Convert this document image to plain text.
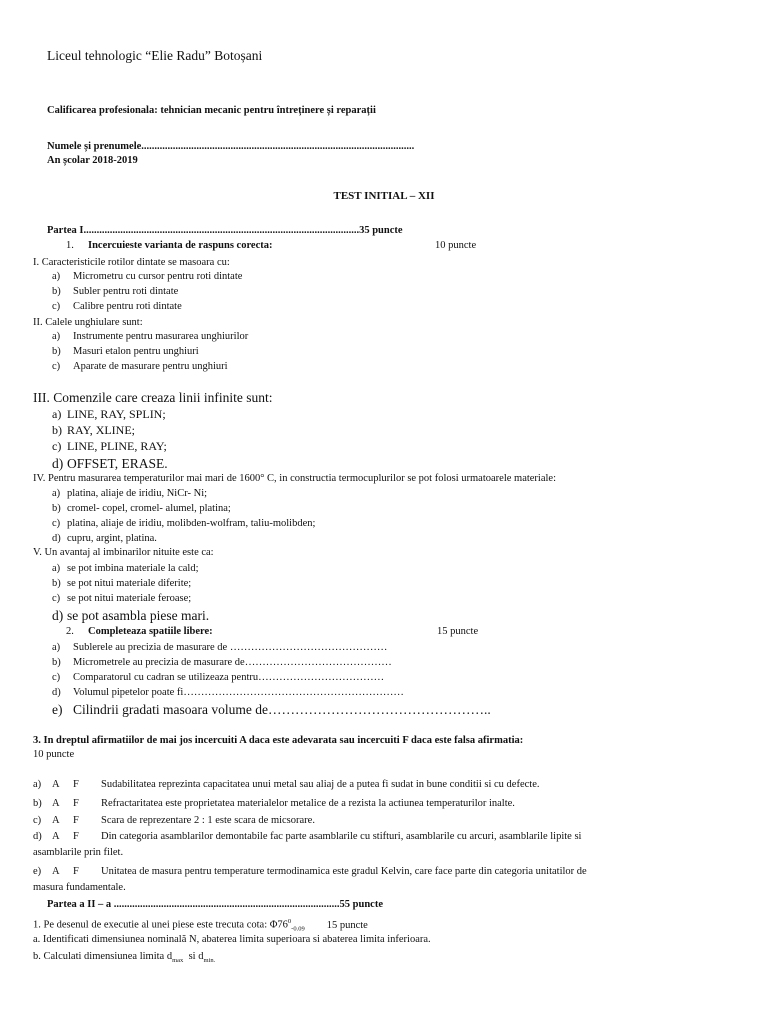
Liceul tehnologic “Elie Radu” Botoșani
Calificarea profesionala: tehnician mecanic pentru întreținere și reparații
Numele și prenumele........................................................................................................
An școlar 2018-2019
TEST INITIAL – XII
Partea I.........................................................................................................35 puncte
1. Incercuieste varianta de raspuns corecta:	10 puncte
I. Caracteristicile rotilor dintate se masoara cu:
a) Micrometru cu cursor pentru roti dintate
b) Subler pentru roti dintate
c) Calibre pentru roti dintate
II. Calele unghiulare sunt:
a) Instrumente pentru masurarea unghiurilor
b) Masuri etalon pentru unghiuri
c) Aparate de masurare pentru unghiuri
III. Comenzile care creaza linii infinite sunt:
a) LINE, RAY, SPLIN;
b) RAY, XLINE;
c) LINE, PLINE, RAY;
d) OFFSET, ERASE.
IV. Pentru masurarea temperaturilor mai mari de 1600° C, in constructia termocuplurilor se pot folosi urmatoarele materiale:
a) platina, aliaje de iridiu, NiCr- Ni;
b) cromel- copel, cromel- alumel, platina;
c) platina, aliaje de iridiu, molibden-wolfram, taliu-molibden;
d) cupru, argint, platina.
V. Un avantaj al imbinarilor nituite este ca:
a) se pot imbina materiale la cald;
b) se pot nitui materiale diferite;
c) se pot nitui materiale feroase;
d) se pot asambla piese mari.
2. Completeaza spatiile libere:	15 puncte
a) Sublerele au precizia de masurare de ………………………………………
b) Micrometrele au precizia de masurare de……………………………………
c) Comparatorul cu cadran se utilizeaza pentru………………………………
d) Volumul pipetelor poate fi………………………………………………………
e) Cilindrii gradati masoara volume de…………………………………………..
3. In dreptul afirmatiilor de mai jos incercuiti A daca este adevarata sau incercuiti F daca este falsa afirmatia:
10 puncte
a) A F Sudabilitatea reprezinta capacitatea unui metal sau aliaj de a putea fi sudat in bune conditii si cu defecte.
b) A F Refractaritatea este proprietatea materialelor metalice de a rezista la actiunea temperaturilor inalte.
c) A F Scara de reprezentare 2 : 1 este scara de micsorare.
d) A F Din categoria asamblarilor demontabile fac parte asamblarile cu stifturi, asamblarile cu arcuri, asamblarile lipite si
asamblarile prin filet.
e) A F Unitatea de masura pentru temperature termodinamica este gradul Kelvin, care face parte din categoria unitatilor de
masura fundamentale.
Partea a II – a ......................................................................................55 puncte
1. Pe desenul de executie al unei piese este trecuta cota: $\Phi 76^0_{-0.09}$ 15 puncte
a. Identificati dimensiunea nominală N, abaterea limita superioara si abaterea limita inferioara.
b. Calculati dimensiunea limita $d_{max}$  si $d_{min.}$
